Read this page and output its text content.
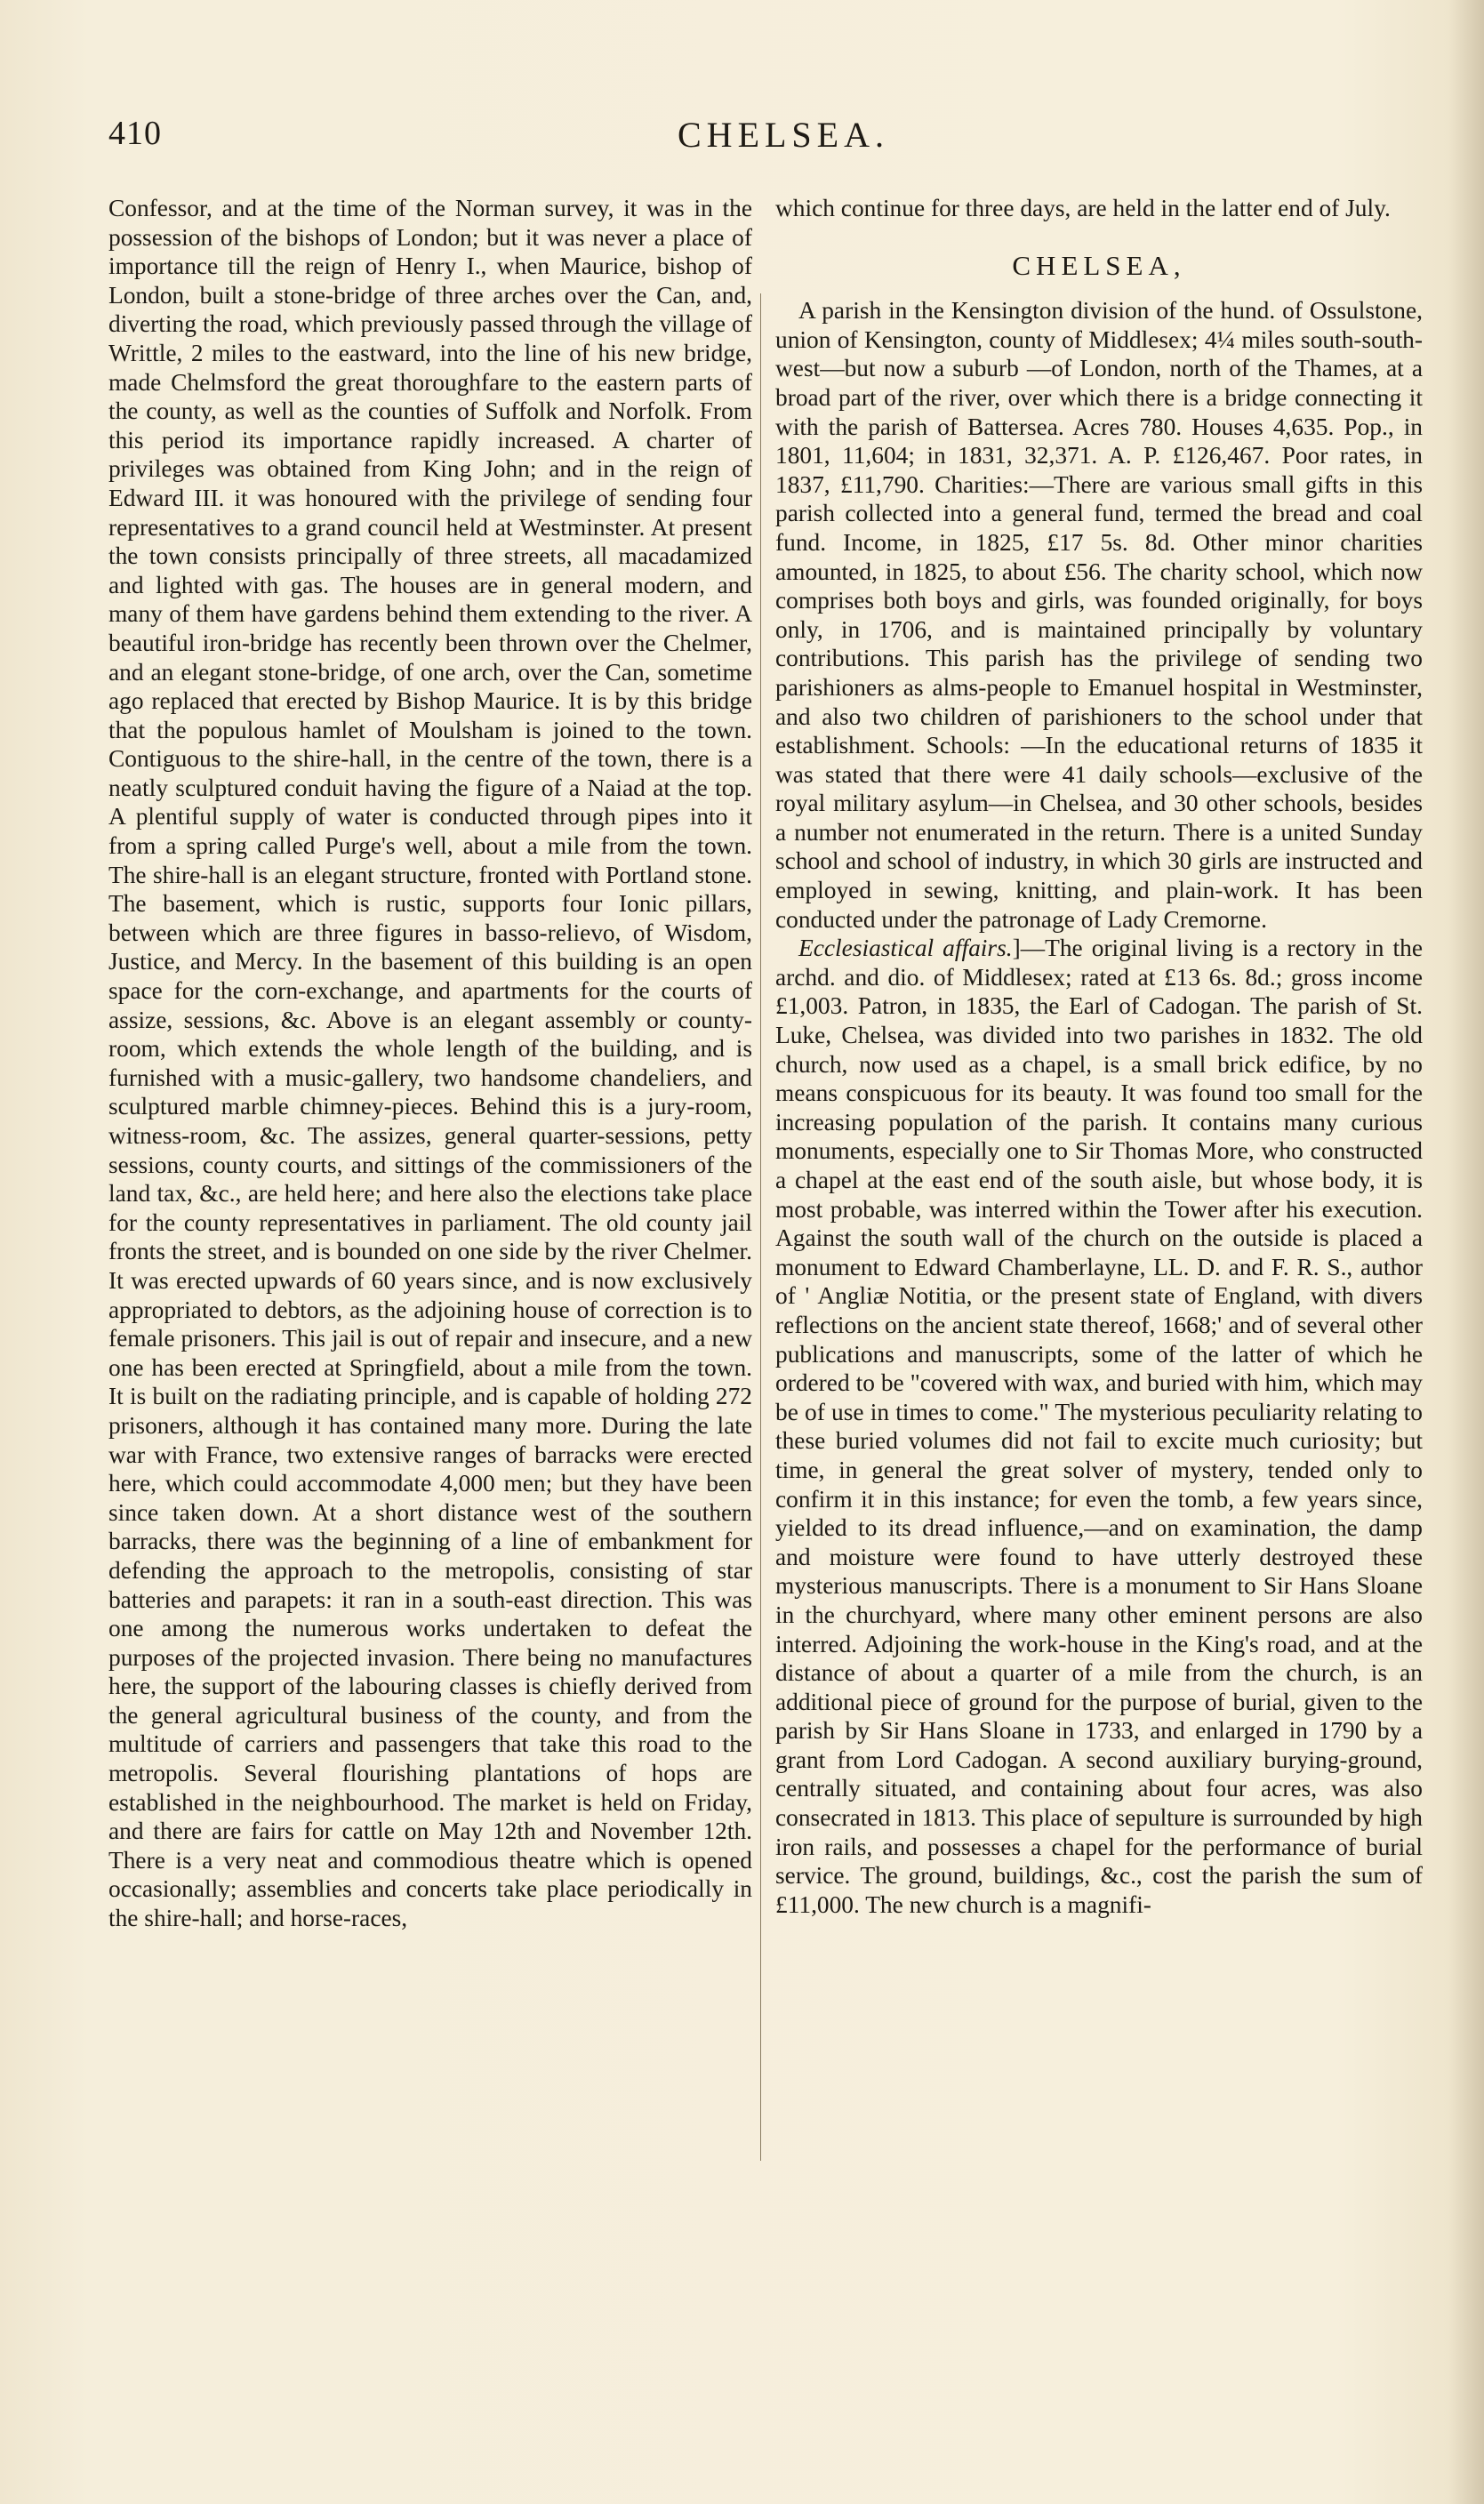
410	CHELSEA.

Confessor, and at the time of the Norman survey, it was in the possession of the bishops of London; but it was never a place of importance till the reign of Henry I., when Maurice, bishop of London, built a stone-bridge of three arches over the Can, and, diverting the road, which previously passed through the village of Writtle, 2 miles to the eastward, into the line of his new bridge, made Chelmsford the great thoroughfare to the eastern parts of the county, as well as the counties of Suffolk and Norfolk. From this period its importance rapidly increased. A charter of privileges was obtained from King John; and in the reign of Edward III. it was honoured with the privilege of sending four representatives to a grand council held at Westminster. At present the town consists principally of three streets, all macadamized and lighted with gas. The houses are in general modern, and many of them have gardens behind them extending to the river. A beautiful iron-bridge has recently been thrown over the Chelmer, and an elegant stone-bridge, of one arch, over the Can, sometime ago replaced that erected by Bishop Maurice. It is by this bridge that the populous hamlet of Moulsham is joined to the town. Contiguous to the shire-hall, in the centre of the town, there is a neatly sculptured conduit having the figure of a Naiad at the top. A plentiful supply of water is conducted through pipes into it from a spring called Purge's well, about a mile from the town. The shire-hall is an elegant structure, fronted with Portland stone. The basement, which is rustic, supports four Ionic pillars, between which are three figures in basso-relievo, of Wisdom, Justice, and Mercy. In the basement of this building is an open space for the corn-exchange, and apartments for the courts of assize, sessions, &c. Above is an elegant assembly or county-room, which extends the whole length of the building, and is furnished with a music-gallery, two handsome chandeliers, and sculptured marble chimney-pieces. Behind this is a jury-room, witness-room, &c. The assizes, general quarter-sessions, petty sessions, county courts, and sittings of the commissioners of the land tax, &c., are held here; and here also the elections take place for the county representatives in parliament. The old county jail fronts the street, and is bounded on one side by the river Chelmer. It was erected upwards of 60 years since, and is now exclusively appropriated to debtors, as the adjoining house of correction is to female prisoners. This jail is out of repair and insecure, and a new one has been erected at Springfield, about a mile from the town. It is built on the radiating principle, and is capable of holding 272 prisoners, although it has contained many more. During the late war with France, two extensive ranges of barracks were erected here, which could accommodate 4,000 men; but they have been since taken down. At a short distance west of the southern barracks, there was the beginning of a line of embankment for defending the approach to the metropolis, consisting of star batteries and parapets: it ran in a south-east direction. This was one among the numerous works undertaken to defeat the purposes of the projected invasion. There being no manufactures here, the support of the labouring classes is chiefly derived from the general agricultural business of the county, and from the multitude of carriers and passengers that take this road to the metropolis. Several flourishing plantations of hops are established in the neighbourhood. The market is held on Friday, and there are fairs for cattle on May 12th and November 12th. There is a very neat and commodious theatre which is opened occasionally; assemblies and concerts take place periodically in the shire-hall; and horse-races,

which continue for three days, are held in the latter end of July.

CHELSEA,

A parish in the Kensington division of the hund. of Ossulstone, union of Kensington, county of Middlesex; 4¼ miles south-south-west—but now a suburb —of London, north of the Thames, at a broad part of the river, over which there is a bridge connecting it with the parish of Battersea. Acres 780. Houses 4,635. Pop., in 1801, 11,604; in 1831, 32,371. A. P. £126,467. Poor rates, in 1837, £11,790. Charities:—There are various small gifts in this parish collected into a general fund, termed the bread and coal fund. Income, in 1825, £17 5s. 8d. Other minor charities amounted, in 1825, to about £56. The charity school, which now comprises both boys and girls, was founded originally, for boys only, in 1706, and is maintained principally by voluntary contributions. This parish has the privilege of sending two parishioners as alms-people to Emanuel hospital in Westminster, and also two children of parishioners to the school under that establishment. Schools: —In the educational returns of 1835 it was stated that there were 41 daily schools—exclusive of the royal military asylum—in Chelsea, and 30 other schools, besides a number not enumerated in the return. There is a united Sunday school and school of industry, in which 30 girls are instructed and employed in sewing, knitting, and plain-work. It has been conducted under the patronage of Lady Cremorne.

Ecclesiastical affairs.]—The original living is a rectory in the archd. and dio. of Middlesex; rated at £13 6s. 8d.; gross income £1,003. Patron, in 1835, the Earl of Cadogan. The parish of St. Luke, Chelsea, was divided into two parishes in 1832. The old church, now used as a chapel, is a small brick edifice, by no means conspicuous for its beauty. It was found too small for the increasing population of the parish. It contains many curious monuments, especially one to Sir Thomas More, who constructed a chapel at the east end of the south aisle, but whose body, it is most probable, was interred within the Tower after his execution. Against the south wall of the church on the outside is placed a monument to Edward Chamberlayne, LL. D. and F. R. S., author of ' Angliæ Notitia, or the present state of England, with divers reflections on the ancient state thereof, 1668;' and of several other publications and manuscripts, some of the latter of which he ordered to be "covered with wax, and buried with him, which may be of use in times to come." The mysterious peculiarity relating to these buried volumes did not fail to excite much curiosity; but time, in general the great solver of mystery, tended only to confirm it in this instance; for even the tomb, a few years since, yielded to its dread influence,—and on examination, the damp and moisture were found to have utterly destroyed these mysterious manuscripts. There is a monument to Sir Hans Sloane in the churchyard, where many other eminent persons are also interred. Adjoining the work-house in the King's road, and at the distance of about a quarter of a mile from the church, is an additional piece of ground for the purpose of burial, given to the parish by Sir Hans Sloane in 1733, and enlarged in 1790 by a grant from Lord Cadogan. A second auxiliary burying-ground, centrally situated, and containing about four acres, was also consecrated in 1813. This place of sepulture is surrounded by high iron rails, and possesses a chapel for the performance of burial service. The ground, buildings, &c., cost the parish the sum of £11,000. The new church is a magnifi-
